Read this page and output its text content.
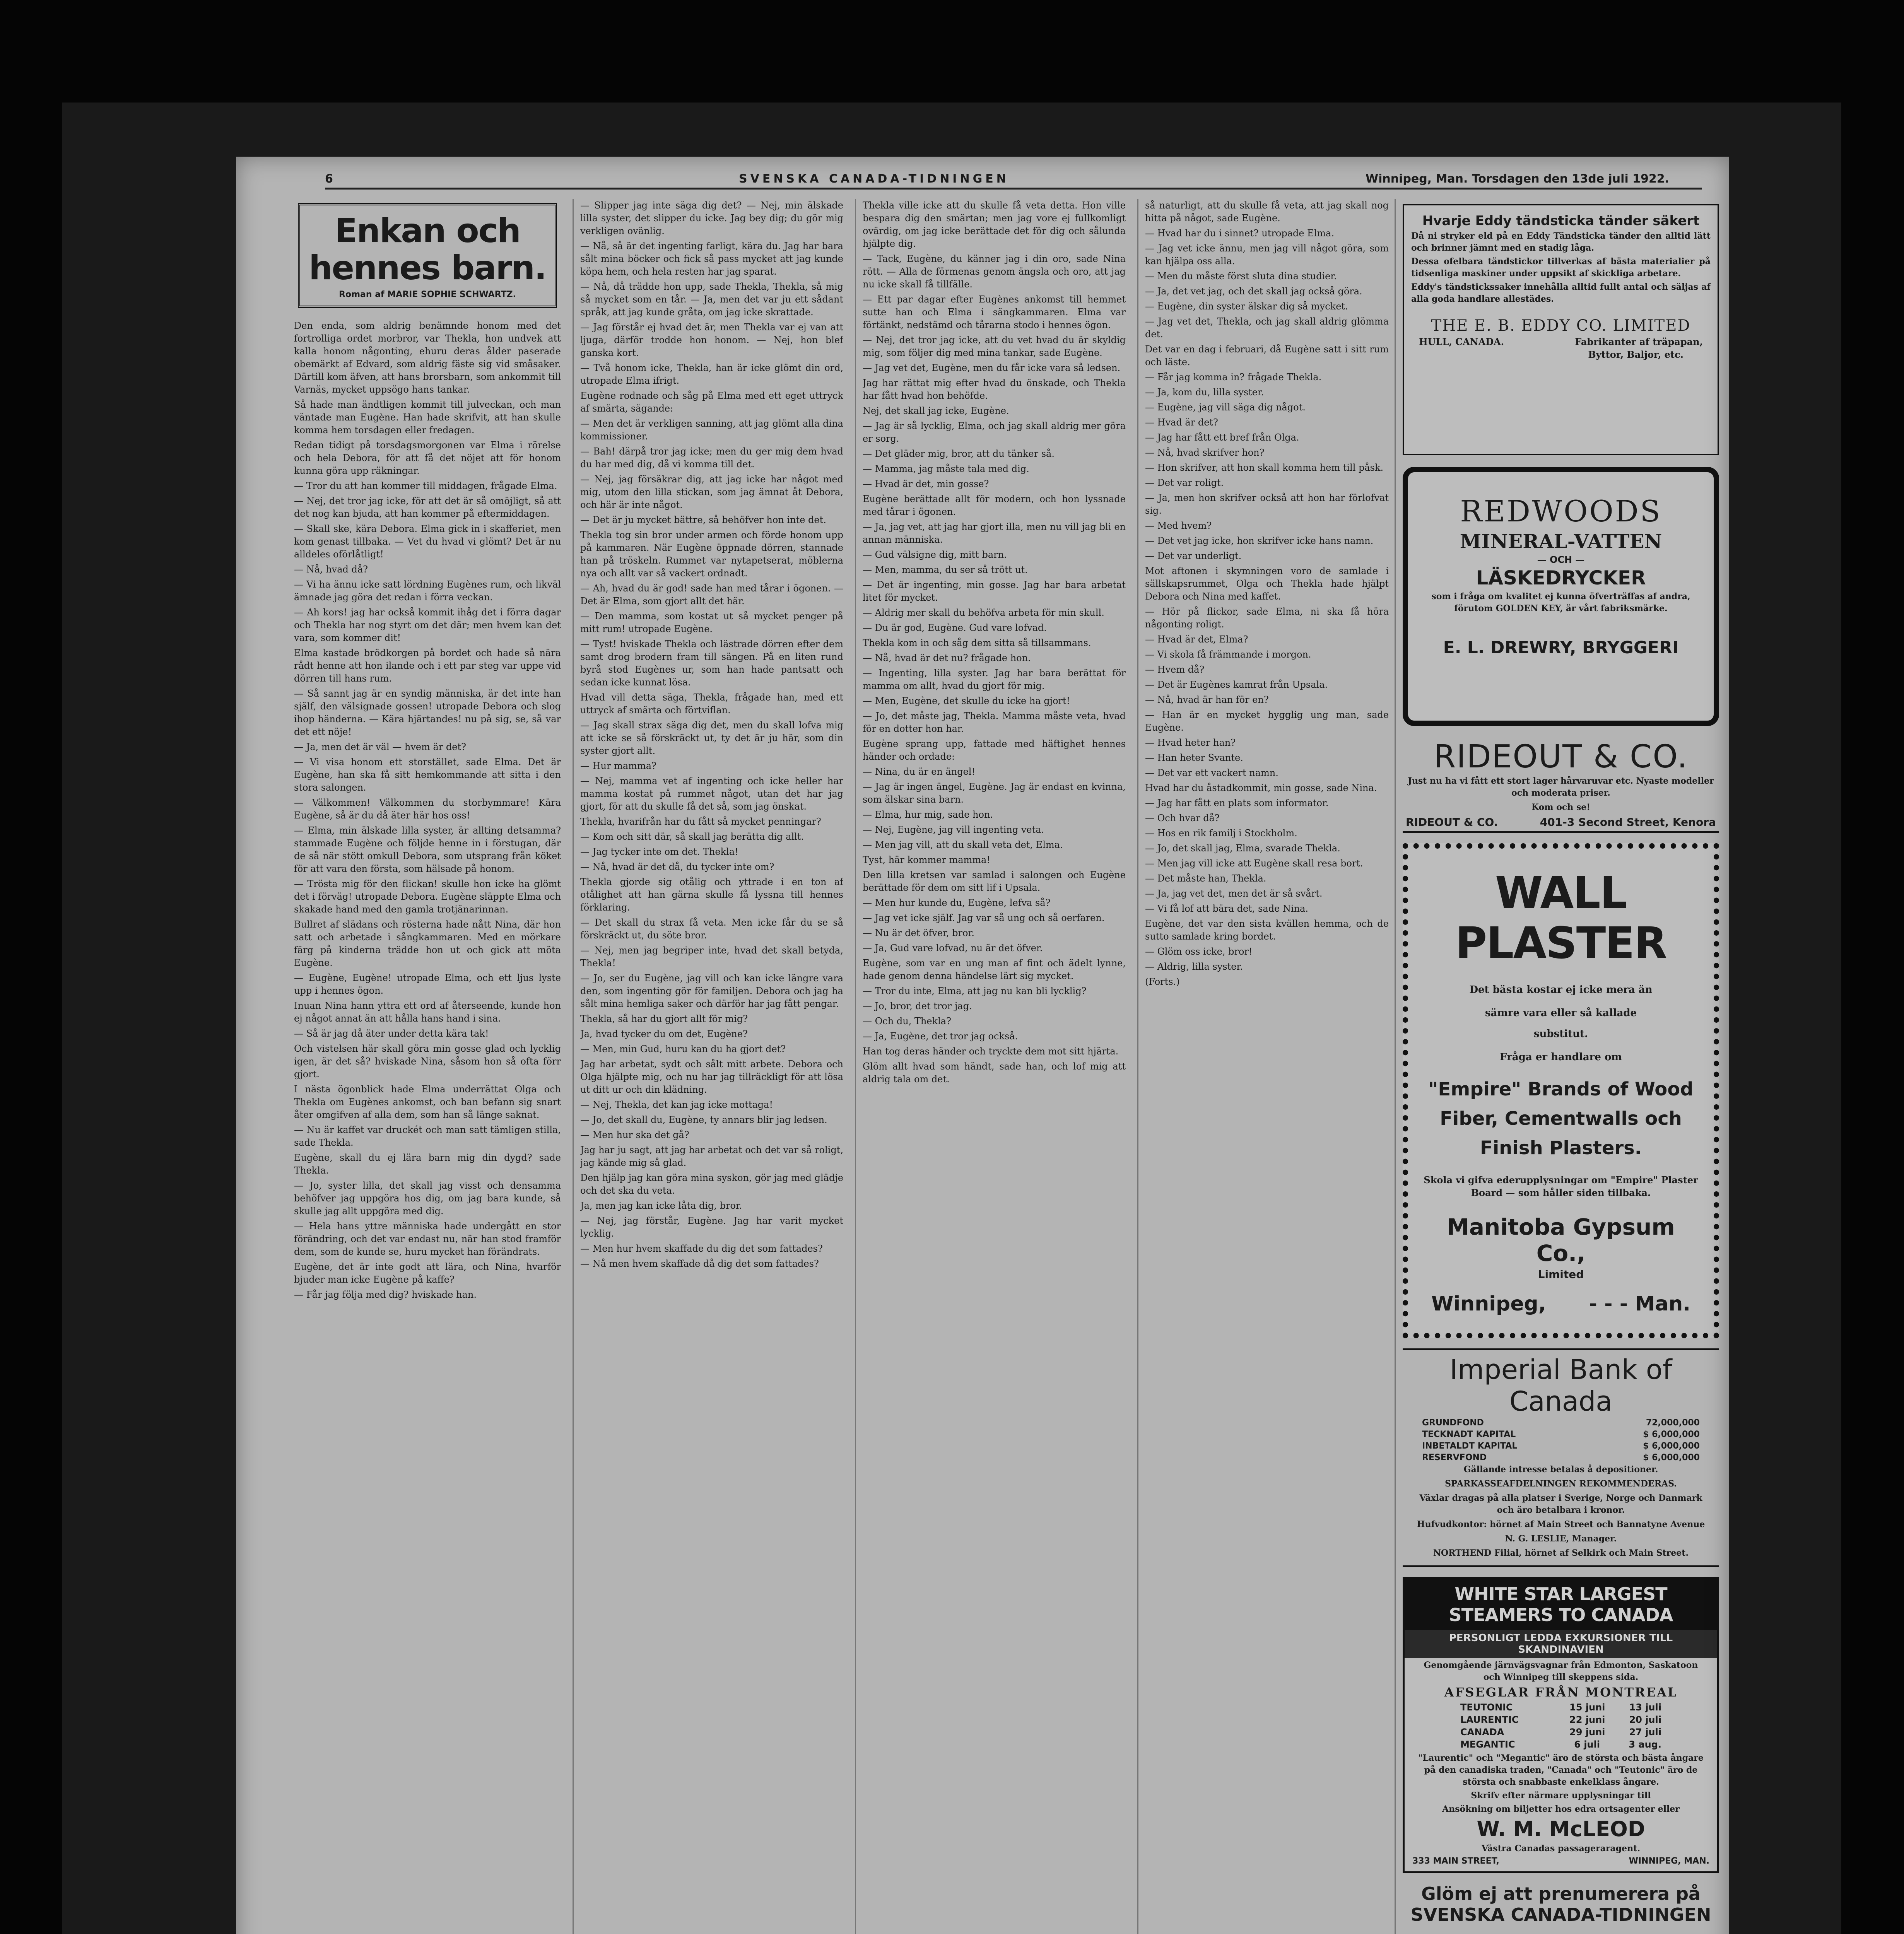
6	SVENSKA CANADA-TIDNINGEN	Winnipeg, Man. Torsdagen den 13de juli 1922.
Enkan och hennes barn.
Roman af MARIE SOPHIE SCHWARTZ.

Den enda, som aldrig benämnde honom med det fortrolliga ordet morbror, var Thekla, hon undvek att kalla honom någonting, ehuru deras ålder paserade obemärkt af Edvard, som aldrig fäste sig vid småsaker. Därtill kom äfven, att hans brorsbarn, som ankommit till Varnäs, mycket uppsögo hans tankar.

Så hade man ändtligen kommit till julveckan, och man väntade man Eugène. Han hade skrifvit, att han skulle komma hem torsdagen eller fredagen.

Redan tidigt på torsdagsmorgonen var Elma i rörelse och hela Debora, för att få det nöjet att för honom kunna göra upp räkningar.

— Tror du att han kommer till middagen, frågade Elma.

— Nej, det tror jag icke, för att det är så omöjligt, så att det nog kan bjuda, att han kommer på eftermiddagen.

— Skall ske, kära Debora. Elma gick in i skafferiet, men kom genast tillbaka. — Vet du hvad vi glömt? Det är nu alldeles oförlåtligt!

— Nå, hvad då?

— Vi ha ännu icke satt lördning Eugènes rum, och likväl ämnade jag göra det redan i förra veckan.

— Ah kors! jag har också kommit ihåg det i förra dagar och Thekla har nog styrt om det där; men hvem kan det vara, som kommer dit!

Elma kastade brödkorgen på bordet och hade så nära rådt henne att hon ilande och i ett par steg var uppe vid dörren till hans rum.

— Så sannt jag är en syndig människa, är det inte han själf, den välsignade gossen! utropade Debora och slog ihop händerna. — Kära hjärtandes! nu på sig, se, så var det ett nöje!

— Ja, men det är väl — hvem är det?

— Vi visa honom ett storstället, sade Elma. Det är Eugène, han ska få sitt hemkommande att sitta i den stora salongen.

— Välkommen! Välkommen du storbymmare! Kära Eugène, så är du då äter här hos oss!

— Elma, min älskade lilla syster, är allting detsamma? stammade Eugène och följde henne in i förstugan, där de så när stött omkull Debora, som utsprang från köket för att vara den första, som hälsade på honom.

— Trösta mig för den flickan! skulle hon icke ha glömt det i förväg! utropade Debora. Eugène släppte Elma och skakade hand med den gamla trotjänarinnan.

Bullret af slädans och rösterna hade nått Nina, där hon satt och arbetade i sångkammaren. Med en mörkare färg på kinderna trädde hon ut och gick att möta Eugène.

— Eugène, Eugène! utropade Elma, och ett ljus lyste upp i hennes ögon.

Inuan Nina hann yttra ett ord af återseende, kunde hon ej något annat än att hålla hans hand i sina.

— Så är jag då äter under detta kära tak!

Och vistelsen här skall göra min gosse glad och lycklig igen, är det så? hviskade Nina, såsom hon så ofta förr gjort.

I nästa ögonblick hade Elma underrättat Olga och Thekla om Eugènes ankomst, och ban befann sig snart åter omgifven af alla dem, som han så länge saknat.

— Nu är kaffet var druckét och man satt tämligen stilla, sade Thekla.

Eugène, skall du ej lära barn mig din dygd? sade Thekla.

— Jo, syster lilla, det skall jag visst och densamma behöfver jag uppgöra hos dig, om jag bara kunde, så skulle jag allt uppgöra med dig.

— Hela hans yttre människa hade undergått en stor förändring, och det var endast nu, när han stod framför dem, som de kunde se, huru mycket han förändrats.

Eugène, det är inte godt att lära, och Nina, hvarför bjuder man icke Eugène på kaffe?

— Får jag följa med dig? hviskade han.

— Slipper jag inte säga dig det? — Nej, min älskade lilla syster, det slipper du icke. Jag bey dig; du gör mig verkligen ovänlig.

— Nå, så är det ingenting farligt, kära du. Jag har bara sålt mina böcker och fick så pass mycket att jag kunde köpa hem, och hela resten har jag sparat.

— Nå, då trädde hon upp, sade Thekla, Thekla, så mig så mycket som en tår. — Ja, men det var ju ett sådant språk, att jag kunde gråta, om jag icke skrattade.

— Jag förstår ej hvad det är, men Thekla var ej van att ljuga, därför trodde hon honom. — Nej, hon blef ganska kort.

— Två honom icke, Thekla, han är icke glömt din ord, utropade Elma ifrigt.

Eugène rodnade och såg på Elma med ett eget uttryck af smärta, sägande:

— Men det är verkligen sanning, att jag glömt alla dina kommissioner.

— Bah! därpå tror jag icke; men du ger mig dem hvad du har med dig, då vi komma till det.

— Nej, jag försäkrar dig, att jag icke har något med mig, utom den lilla stickan, som jag ämnat åt Debora, och här är inte något.

— Det är ju mycket bättre, så behöfver hon inte det.

Thekla tog sin bror under armen och förde honom upp på kammaren. När Eugène öppnade dörren, stannade han på tröskeln. Rummet var nytapetserat, möblerna nya och allt var så vackert ordnadt.

— Ah, hvad du är god! sade han med tårar i ögonen. — Det är Elma, som gjort allt det här.

— Den mamma, som kostat ut så mycket penger på mitt rum! utropade Eugène.

— Tyst! hviskade Thekla och lästrade dörren efter dem samt drog brodern fram till sängen. På en liten rund byrå stod Eugènes ur, som han hade pantsatt och sedan icke kunnat lösa.

Hvad vill detta säga, Thekla, frågade han, med ett uttryck af smärta och förtviflan.

— Jag skall strax säga dig det, men du skall lofva mig att icke se så förskräckt ut, ty det är ju här, som din syster gjort allt.

— Hur mamma?

— Nej, mamma vet af ingenting och icke heller har mamma kostat på rummet något, utan det har jag gjort, för att du skulle få det så, som jag önskat.

Thekla, hvarifrån har du fått så mycket penningar?

— Kom och sitt där, så skall jag berätta dig allt.

— Jag tycker inte om det. Thekla!

— Nå, hvad är det då, du tycker inte om?

Thekla gjorde sig otålig och yttrade i en ton af otålighet att han gärna skulle få lyssna till hennes förklaring.

— Det skall du strax få veta. Men icke får du se så förskräckt ut, du söte bror.

— Nej, men jag begriper inte, hvad det skall betyda, Thekla!

— Jo, ser du Eugène, jag vill och kan icke längre vara den, som ingenting gör för familjen. Debora och jag ha sålt mina hemliga saker och därför har jag fått pengar.

Thekla, så har du gjort allt för mig?

Ja, hvad tycker du om det, Eugène?

— Men, min Gud, huru kan du ha gjort det?

Jag har arbetat, sydt och sålt mitt arbete. Debora och Olga hjälpte mig, och nu har jag tillräckligt för att lösa ut ditt ur och din klädning.

— Nej, Thekla, det kan jag icke mottaga!

— Jo, det skall du, Eugène, ty annars blir jag ledsen.

— Men hur ska det gå?

Jag har ju sagt, att jag har arbetat och det var så roligt, jag kände mig så glad.

Den hjälp jag kan göra mina syskon, gör jag med glädje och det ska du veta.

Ja, men jag kan icke låta dig, bror.

— Nej, jag förstår, Eugène. Jag har varit mycket lycklig.

— Men hur hvem skaffade du dig det som fattades?

— Nå men hvem skaffade då dig det som fattades?

Thekla ville icke att du skulle få veta detta. Hon ville bespara dig den smärtan; men jag vore ej fullkomligt ovärdig, om jag icke berättade det för dig och sålunda hjälpte dig.

— Tack, Eugène, du känner jag i din oro, sade Nina rött. — Alla de förmenas genom ängsla och oro, att jag nu icke skall få tillfälle.

— Ett par dagar efter Eugènes ankomst till hemmet sutte han och Elma i sängkammaren. Elma var förtänkt, nedstämd och tårarna stodo i hennes ögon.

— Nej, det tror jag icke, att du vet hvad du är skyldig mig, som följer dig med mina tankar, sade Eugène.

— Jag vet det, Eugène, men du får icke vara så ledsen.

Jag har rättat mig efter hvad du önskade, och Thekla har fått hvad hon behöfde.

Nej, det skall jag icke, Eugène.

— Jag är så lycklig, Elma, och jag skall aldrig mer göra er sorg.

— Det gläder mig, bror, att du tänker så.

— Mamma, jag måste tala med dig.

— Hvad är det, min gosse?

Eugène berättade allt för modern, och hon lyssnade med tårar i ögonen.

— Ja, jag vet, att jag har gjort illa, men nu vill jag bli en annan människa.

— Gud välsigne dig, mitt barn.

— Men, mamma, du ser så trött ut.

— Det är ingenting, min gosse. Jag har bara arbetat litet för mycket.

— Aldrig mer skall du behöfva arbeta för min skull.

— Du är god, Eugène. Gud vare lofvad.

Thekla kom in och såg dem sitta så tillsammans.

— Nå, hvad är det nu? frågade hon.

— Ingenting, lilla syster. Jag har bara berättat för mamma om allt, hvad du gjort för mig.

— Men, Eugène, det skulle du icke ha gjort!

— Jo, det måste jag, Thekla. Mamma måste veta, hvad för en dotter hon har.

Eugène sprang upp, fattade med häftighet hennes händer och ordade:

— Nina, du är en ängel!

— Jag är ingen ängel, Eugène. Jag är endast en kvinna, som älskar sina barn.

— Elma, hur mig, sade hon.

— Nej, Eugène, jag vill ingenting veta.

— Men jag vill, att du skall veta det, Elma.

Tyst, här kommer mamma!

Den lilla kretsen var samlad i salongen och Eugène berättade för dem om sitt lif i Upsala.

— Men hur kunde du, Eugène, lefva så?

— Jag vet icke själf. Jag var så ung och så oerfaren.

— Nu är det öfver, bror.

— Ja, Gud vare lofvad, nu är det öfver.

Eugène, som var en ung man af fint och ädelt lynne, hade genom denna händelse lärt sig mycket.

— Tror du inte, Elma, att jag nu kan bli lycklig?

— Jo, bror, det tror jag.

— Och du, Thekla?

— Ja, Eugène, det tror jag också.

Han tog deras händer och tryckte dem mot sitt hjärta.

Glöm allt hvad som händt, sade han, och lof mig att aldrig tala om det.

så naturligt, att du skulle få veta, att jag skall nog hitta på något, sade Eugène.

— Hvad har du i sinnet? utropade Elma.

— Jag vet icke ännu, men jag vill något göra, som kan hjälpa oss alla.

— Men du måste först sluta dina studier.

— Ja, det vet jag, och det skall jag också göra.

— Eugène, din syster älskar dig så mycket.

— Jag vet det, Thekla, och jag skall aldrig glömma det.

Det var en dag i februari, då Eugène satt i sitt rum och läste.

— Får jag komma in? frågade Thekla.

— Ja, kom du, lilla syster.

— Eugène, jag vill säga dig något.

— Hvad är det?

— Jag har fått ett bref från Olga.

— Nå, hvad skrifver hon?

— Hon skrifver, att hon skall komma hem till påsk.

— Det var roligt.

— Ja, men hon skrifver också att hon har förlofvat sig.

— Med hvem?

— Det vet jag icke, hon skrifver icke hans namn.

— Det var underligt.

Mot aftonen i skymningen voro de samlade i sällskapsrummet, Olga och Thekla hade hjälpt Debora och Nina med kaffet.

— Hör på flickor, sade Elma, ni ska få höra någonting roligt.

— Hvad är det, Elma?

— Vi skola få främmande i morgon.

— Hvem då?

— Det är Eugènes kamrat från Upsala.

— Nå, hvad är han för en?

— Han är en mycket hygglig ung man, sade Eugène.

— Hvad heter han?

— Han heter Svante.

— Det var ett vackert namn.

Hvad har du åstadkommit, min gosse, sade Nina.

— Jag har fått en plats som informator.

— Och hvar då?

— Hos en rik familj i Stockholm.

— Jo, det skall jag, Elma, svarade Thekla.

— Men jag vill icke att Eugène skall resa bort.

— Det måste han, Thekla.

— Ja, jag vet det, men det är så svårt.

— Vi få lof att bära det, sade Nina.

Eugène, det var den sista kvällen hemma, och de sutto samlade kring bordet.

— Glöm oss icke, bror!

— Aldrig, lilla syster.

(Forts.)

Hvarje Eddy tändsticka tänder säkert

Då ni stryker eld på en Eddy Tändsticka tänder den alltid lätt och brinner jämnt med en stadig låga.

Dessa ofelbara tändstickor tillverkas af bästa materialier på tidsenliga maskiner under uppsikt af skickliga arbetare.

Eddy's tändstickssaker innehålla alltid fullt antal och säljas af alla goda handlare allestädes.

THE E. B. EDDY CO. LIMITED

HULL, CANADA.	Fabrikanter af träpapan,

Byttor, Baljor, etc.

REDWOODS

MINERAL-VATTEN

— OCH —

LÄSKEDRYCKER

som i fråga om kvalitet ej kunna öfverträffas af andra, förutom GOLDEN KEY, är vårt fabriksmärke.

E. L. DREWRY, BRYGGERI

RIDEOUT & CO.

Just nu ha vi fått ett stort lager hårvaruvar etc. Nyaste modeller och moderata priser.

Kom och se!

RIDEOUT & CO.	401-3 Second Street, Kenora

WALL PLASTER

Det bästa kostar ej icke mera än

sämre vara eller så kallade

substitut.

Fråga er handlare om

"Empire" Brands of Wood Fiber, Cementwalls och Finish Plasters.

Skola vi gifva ederupplysningar om "Empire" Plaster

Board — som håller siden tillbaka.

Manitoba Gypsum Co.,

Limited

Winnipeg, - - - Man.

Imperial Bank of Canada

GRUNDFOND	72,000,000
TECKNADT KAPITAL	$ 6,000,000
INBETALDT KAPITAL	$ 6,000,000
RESERVFOND	$ 6,000,000

Gällande intresse betalas å depositioner.

SPARKASSEAFDELNINGEN REKOMMENDERAS.

Växlar dragas på alla platser i Sverige, Norge och Danmark och äro betalbara i kronor.

Hufvudkontor: hörnet af Main Street och Bannatyne Avenue

N. G. LESLIE, Manager.

NORTHEND Filial, hörnet af Selkirk och Main Street.

WHITE STAR LARGEST STEAMERS TO CANADA
PERSONLIGT LEDDA EXKURSIONER TILL SKANDINAVIEN

Genomgående järnvägsvagnar från Edmonton, Saskatoon och Winnipeg till skeppens sida.

AFSEGLAR FRÅN MONTREAL

TEUTONIC	15 juni	13 juli
LAURENTIC	22 juni	20 juli
CANADA	29 juni	27 juli
MEGANTIC	6 juli	3 aug.

"Laurentic" och "Megantic" äro de största och bästa ångare på den canadiska traden, "Canada" och "Teutonic" äro de största och snabbaste enkelklass ångare.

Skrifv efter närmare upplysningar till

Ansökning om biljetter hos edra ortsagenter eller

W. M. McLEOD

Västra Canadas passageraragent.

333 MAIN STREET,	WINNIPEG, MAN.

Glöm ej att prenumerera på

SVENSKA CANADA-TIDNINGEN
